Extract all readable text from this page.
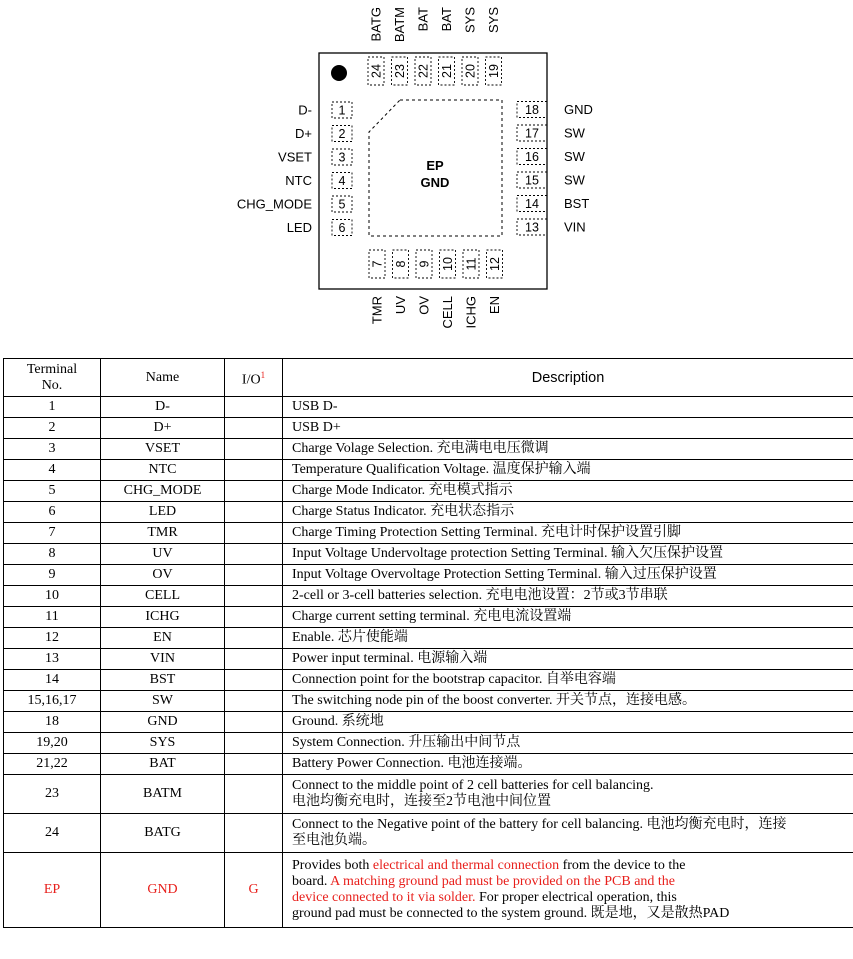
EP
GND
1
D-
2
D+
3
VSET
4
NTC
5
CHG_MODE
6
LED	13 VIN
14 BST
15 SW
16 SW
17 SW
18 GND
7
TMR
8
UV
9
OV
10
CELL
11
ICHG
12
EN
24
BATG
23
BATM
22
BAT
21
BAT
20
SYS
19
SYS
Terminal
No.	Name	I/O$^1$	Description
1	D-		USB D-
2	D+		USB D+
3	VSET		Charge Volage Selection. 充电满电电压微调
4	NTC		Temperature Qualification Voltage. 温度保护输入端
5	CHG_MODE		Charge Mode Indicator. 充电模式指示
6	LED		Charge Status Indicator. 充电状态指示
7	TMR		Charge Timing Protection Setting Terminal. 充电计时保护设置引脚
8	UV		Input Voltage Undervoltage protection Setting Terminal. 输入欠压保护设置
9	OV		Input Voltage Overvoltage Protection Setting Terminal. 输入过压保护设置
10	CELL		2-cell or 3-cell batteries selection. 充电电池设置：2节或3节串联
11	ICHG		Charge current setting terminal. 充电电流设置端
12	EN		Enable. 芯片使能端
13	VIN		Power input terminal. 电源输入端
14	BST		Connection point for the bootstrap capacitor. 自举电容端
15,16,17	SW		The switching node pin of the boost converter. 开关节点，连接电感。
18	GND		Ground. 系统地
19,20	SYS		System Connection. 升压输出中间节点
21,22	BAT		Battery Power Connection. 电池连接端。
23	BATM		Connect to the middle point of 2 cell batteries for cell balancing.
电池均衡充电时，连接至2节电池中间位置
24	BATG		Connect to the Negative point of the battery for cell balancing. 电池均衡充电时，连接
至电池负端。
EP	GND	G	Provides both electrical and thermal connection from the device to the
board. A matching ground pad must be provided on the PCB and the
device connected to it via solder. For proper electrical operation, this
ground pad must be connected to the system ground. 既是地，又是散热PAD
